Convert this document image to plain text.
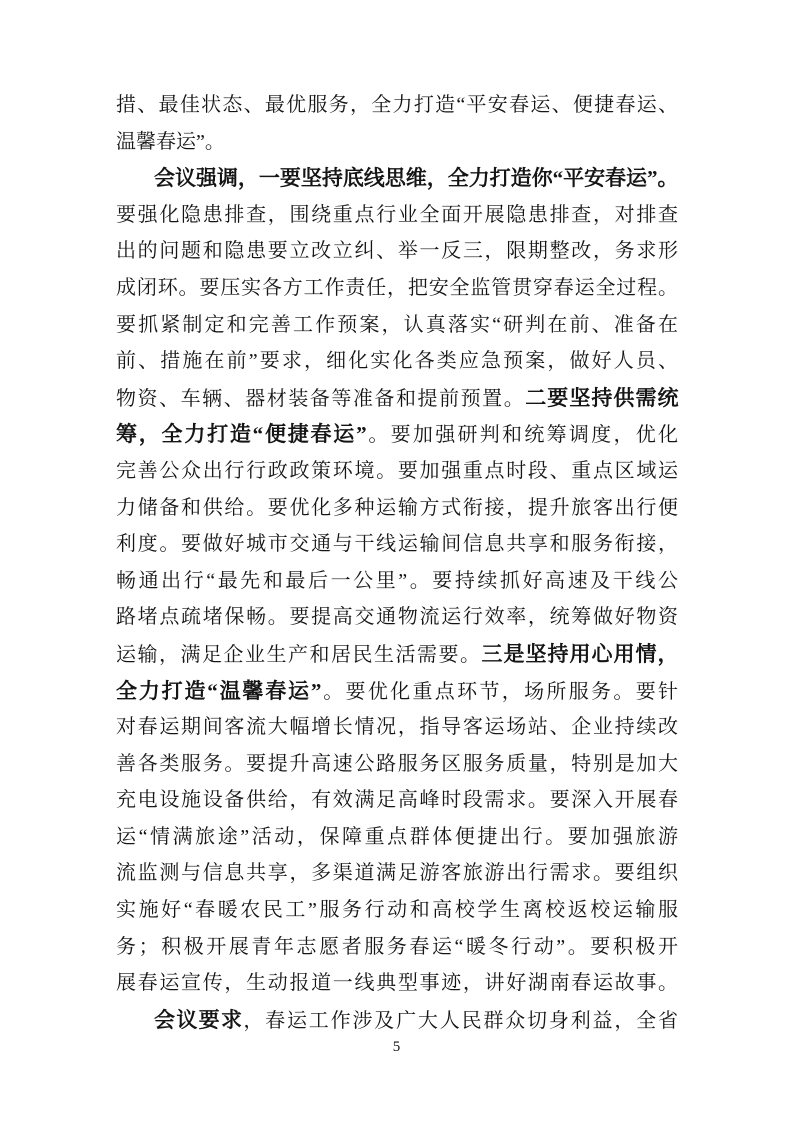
措、最佳状态、最优服务，全力打造“平安春运、便捷春运、
温馨春运”。
会议强调，一要坚持底线思维，全力打造你“平安春运”。
要强化隐患排查，围绕重点行业全面开展隐患排查，对排查
出的问题和隐患要立改立纠、举一反三，限期整改，务求形
成闭环。要压实各方工作责任，把安全监管贯穿春运全过程。
要抓紧制定和完善工作预案，认真落实“研判在前、准备在
前、措施在前”要求，细化实化各类应急预案，做好人员、
物资、车辆、器材装备等准备和提前预置。二要坚持供需统
筹，全力打造“便捷春运”。要加强研判和统筹调度，优化
完善公众出行行政政策环境。要加强重点时段、重点区域运
力储备和供给。要优化多种运输方式衔接，提升旅客出行便
利度。要做好城市交通与干线运输间信息共享和服务衔接，
畅通出行“最先和最后一公里”。要持续抓好高速及干线公
路堵点疏堵保畅。要提高交通物流运行效率，统筹做好物资
运输，满足企业生产和居民生活需要。三是坚持用心用情，
全力打造“温馨春运”。要优化重点环节，场所服务。要针
对春运期间客流大幅增长情况，指导客运场站、企业持续改
善各类服务。要提升高速公路服务区服务质量，特别是加大
充电设施设备供给，有效满足高峰时段需求。要深入开展春
运“情满旅途”活动，保障重点群体便捷出行。要加强旅游
流监测与信息共享，多渠道满足游客旅游出行需求。要组织
实施好“春暖农民工”服务行动和高校学生离校返校运输服
务；积极开展青年志愿者服务春运“暖冬行动”。要积极开
展春运宣传，生动报道一线典型事迹，讲好湖南春运故事。
会议要求，春运工作涉及广大人民群众切身利益，全省
5
